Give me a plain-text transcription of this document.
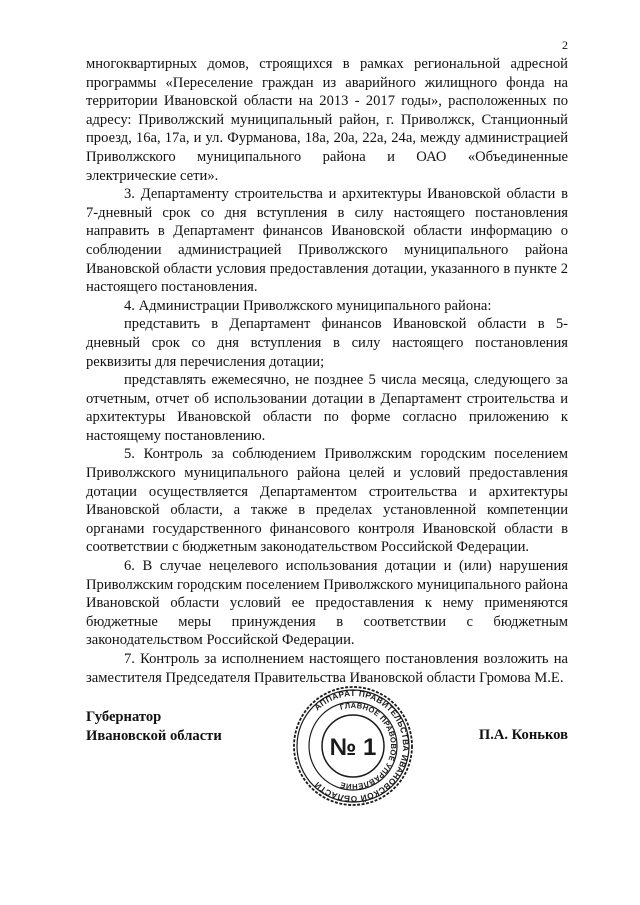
2

многоквартирных домов, строящихся в рамках региональной адресной программы «Переселение граждан из аварийного жилищного фонда на территории Ивановской области на 2013 - 2017 годы», расположенных по адресу: Приволжский муниципальный район, г. Приволжск, Станционный проезд, 16а, 17а, и ул. Фурманова, 18а, 20а, 22а, 24а, между администрацией Приволжского муниципального района и ОАО «Объединенные электрические сети».

3. Департаменту строительства и архитектуры Ивановской области в 7-дневный срок со дня вступления в силу настоящего постановления направить в Департамент финансов Ивановской области информацию о соблюдении администрацией Приволжского муниципального района Ивановской области условия предоставления дотации, указанного в пункте 2 настоящего постановления.

4. Администрации Приволжского муниципального района:

представить в Департамент финансов Ивановской области в 5-дневный срок со дня вступления в силу настоящего постановления реквизиты для перечисления дотации;

представлять ежемесячно, не позднее 5 числа месяца, следующего за отчетным, отчет об использовании дотации в Департамент строительства и архитектуры Ивановской области по форме согласно приложению к настоящему постановлению.

5. Контроль за соблюдением Приволжским городским поселением Приволжского муниципального района целей и условий предоставления дотации осуществляется Департаментом строительства и архитектуры Ивановской области, а также в пределах установленной компетенции органами государственного финансового контроля Ивановской области в соответствии с бюджетным законодательством Российской Федерации.

6. В случае нецелевого использования дотации и (или) нарушения Приволжским городским поселением Приволжского муниципального района Ивановской области условий ее предоставления к нему применяются бюджетные меры принуждения в соответствии с бюджетным законодательством Российской Федерации.

7. Контроль за исполнением настоящего постановления возложить на заместителя Председателя Правительства Ивановской области Громова М.Е.

Губернатор
Ивановской области
АППАРАТ ПРАВИТЕЛЬСТВА ИВАНОВСКОЙ ОБЛАСТИ
ГЛАВНОЕ ПРАВОВОЕ УПРАВЛЕНИЕ
№ 1	П.А. Коньков
